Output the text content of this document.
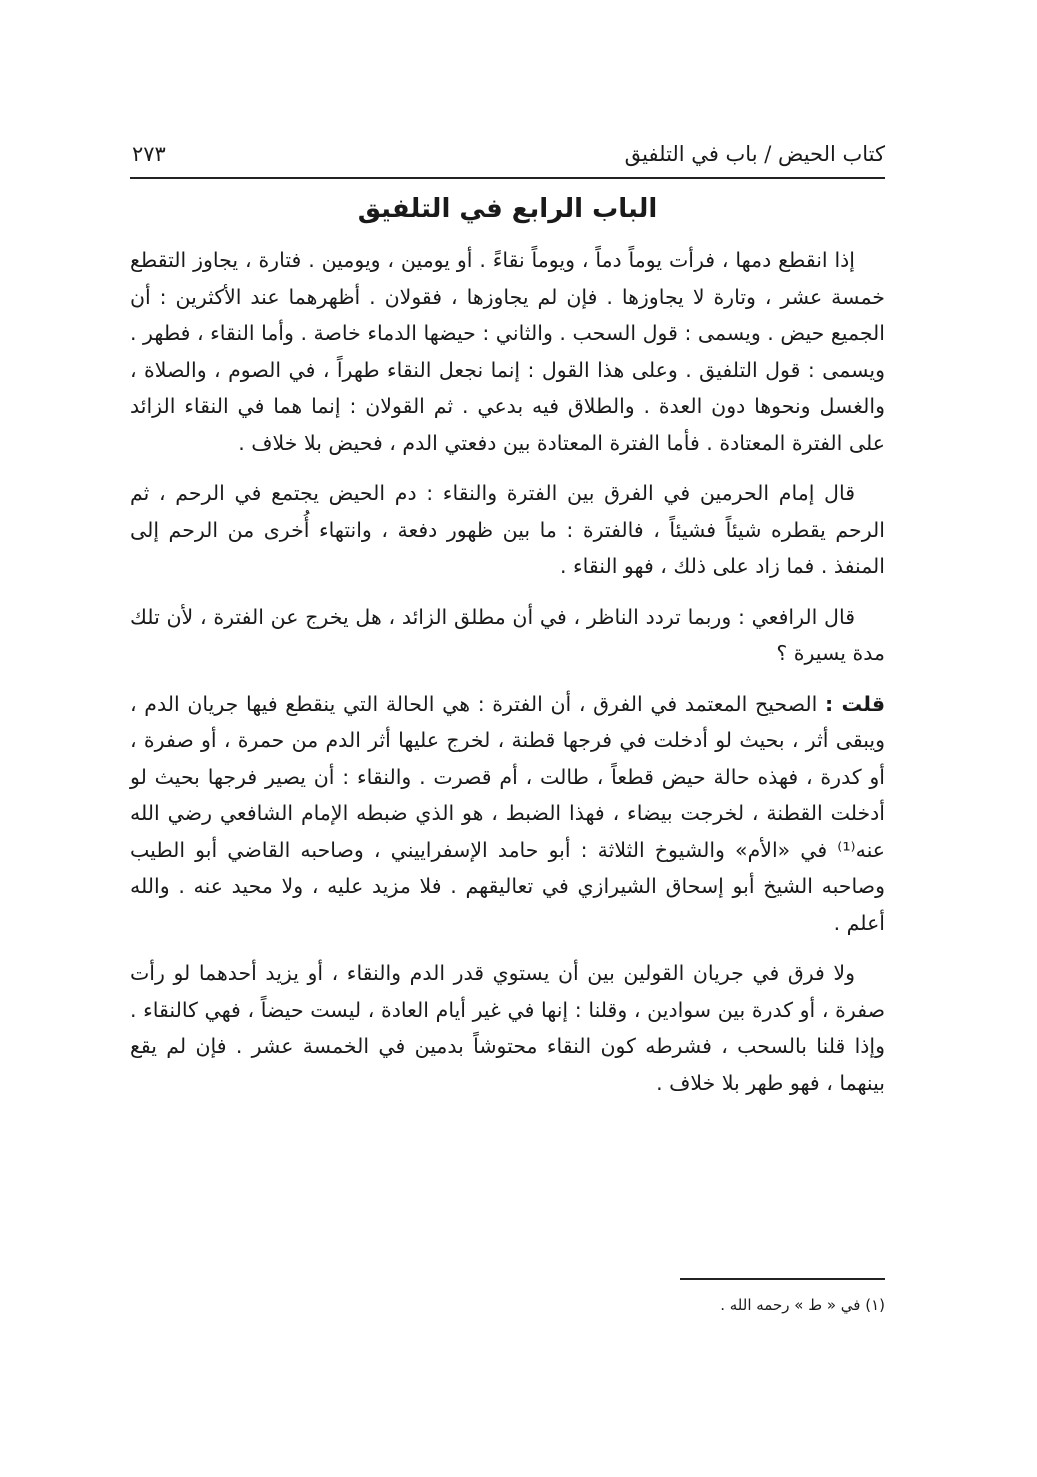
كتاب الحيض / باب في التلفيق
٢٧٣
الباب الرابع في التلفيق

إذا انقطع دمها ، فرأت يوماً دماً ، ويوماً نقاءً . أو يومين ، ويومين . فتارة ، يجاوز التقطع خمسة عشر ، وتارة لا يجاوزها . فإن لم يجاوزها ، فقولان . أظهرهما عند الأكثرين : أن الجميع حيض . ويسمى : قول السحب . والثاني : حيضها الدماء خاصة . وأما النقاء ، فطهر . ويسمى : قول التلفيق . وعلى هذا القول : إنما نجعل النقاء طهراً ، في الصوم ، والصلاة ، والغسل ونحوها دون العدة . والطلاق فيه بدعي . ثم القولان : إنما هما في النقاء الزائد على الفترة المعتادة . فأما الفترة المعتادة بين دفعتي الدم ، فحيض بلا خلاف .

قال إمام الحرمين في الفرق بين الفترة والنقاء : دم الحيض يجتمع في الرحم ، ثم الرحم يقطره شيئاً فشيئاً ، فالفترة : ما بين ظهور دفعة ، وانتهاء أُخرى من الرحم إلى المنفذ . فما زاد على ذلك ، فهو النقاء .

قال الرافعي : وربما تردد الناظر ، في أن مطلق الزائد ، هل يخرج عن الفترة ، لأن تلك مدة يسيرة ؟

قلت : الصحيح المعتمد في الفرق ، أن الفترة : هي الحالة التي ينقطع فيها جريان الدم ، ويبقى أثر ، بحيث لو أدخلت في فرجها قطنة ، لخرج عليها أثر الدم من حمرة ، أو صفرة ، أو كدرة ، فهذه حالة حيض قطعاً ، طالت ، أم قصرت . والنقاء : أن يصير فرجها بحيث لو أدخلت القطنة ، لخرجت بيضاء ، فهذا الضبط ، هو الذي ضبطه الإمام الشافعي رضي الله عنه⁽¹⁾ في «الأم» والشيوخ الثلاثة : أبو حامد الإسفراييني ، وصاحبه القاضي أبو الطيب وصاحبه الشيخ أبو إسحاق الشيرازي في تعاليقهم . فلا مزيد عليه ، ولا محيد عنه . والله أعلم .

ولا فرق في جريان القولين بين أن يستوي قدر الدم والنقاء ، أو يزيد أحدهما لو رأت صفرة ، أو كدرة بين سوادين ، وقلنا : إنها في غير أيام العادة ، ليست حيضاً ، فهي كالنقاء . وإذا قلنا بالسحب ، فشرطه كون النقاء محتوشاً بدمين في الخمسة عشر . فإن لم يقع بينهما ، فهو طهر بلا خلاف .

(١) في « ط » رحمه الله .
